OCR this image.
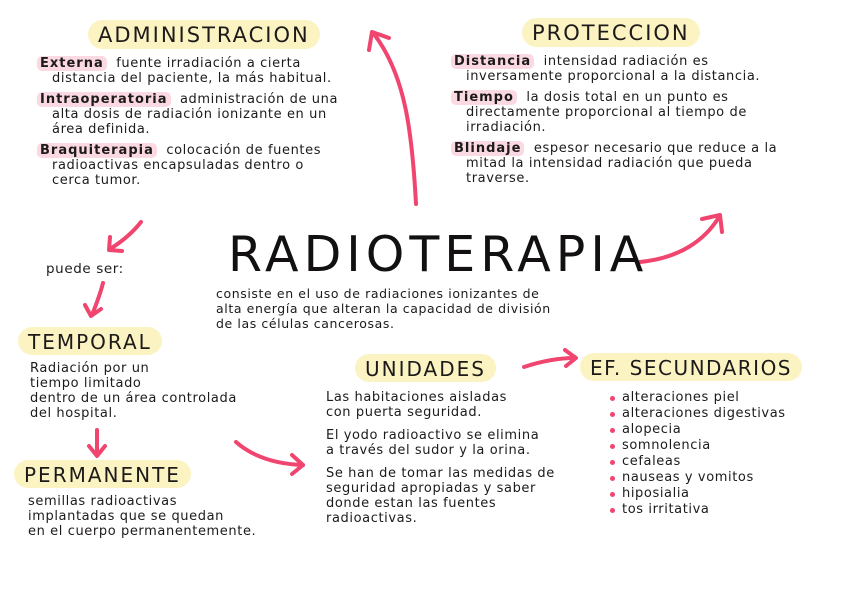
ADMINISTRACION

Externa fuente irradiación a cierta
distancia del paciente, la más habitual.

Intraoperatoria administración de una
alta dosis de radiación ionizante en un
área definida.

Braquiterapia colocación de fuentes
radioactivas encapsuladas dentro o
cerca tumor.

PROTECCION

Distancia intensidad radiación es
inversamente proporcional a la distancia.

Tiempo la dosis total en un punto es
directamente proporcional al tiempo de
irradiación.

Blindaje espesor necesario que reduce a la
mitad la intensidad radiación que pueda
traverse.

RADIOTERAPIA
consiste en el uso de radiaciones ionizantes de
alta energía que alteran la capacidad de división
de las células cancerosas.
puede ser:
TEMPORAL
Radiación por un
tiempo limitado
dentro de un área controlada
del hospital.
PERMANENTE
semillas radioactivas
implantadas que se quedan
en el cuerpo permanentemente.
UNIDADES

Las habitaciones aisladas
con puerta seguridad.

El yodo radioactivo se elimina
a través del sudor y la orina.

Se han de tomar las medidas de
seguridad apropiadas y saber
donde estan las fuentes
radioactivas.

EF. SECUNDARIOS
alteraciones piel
alteraciones digestivas
alopecia
somnolencia
cefaleas
nauseas y vomitos
hiposialia
tos irritativa
